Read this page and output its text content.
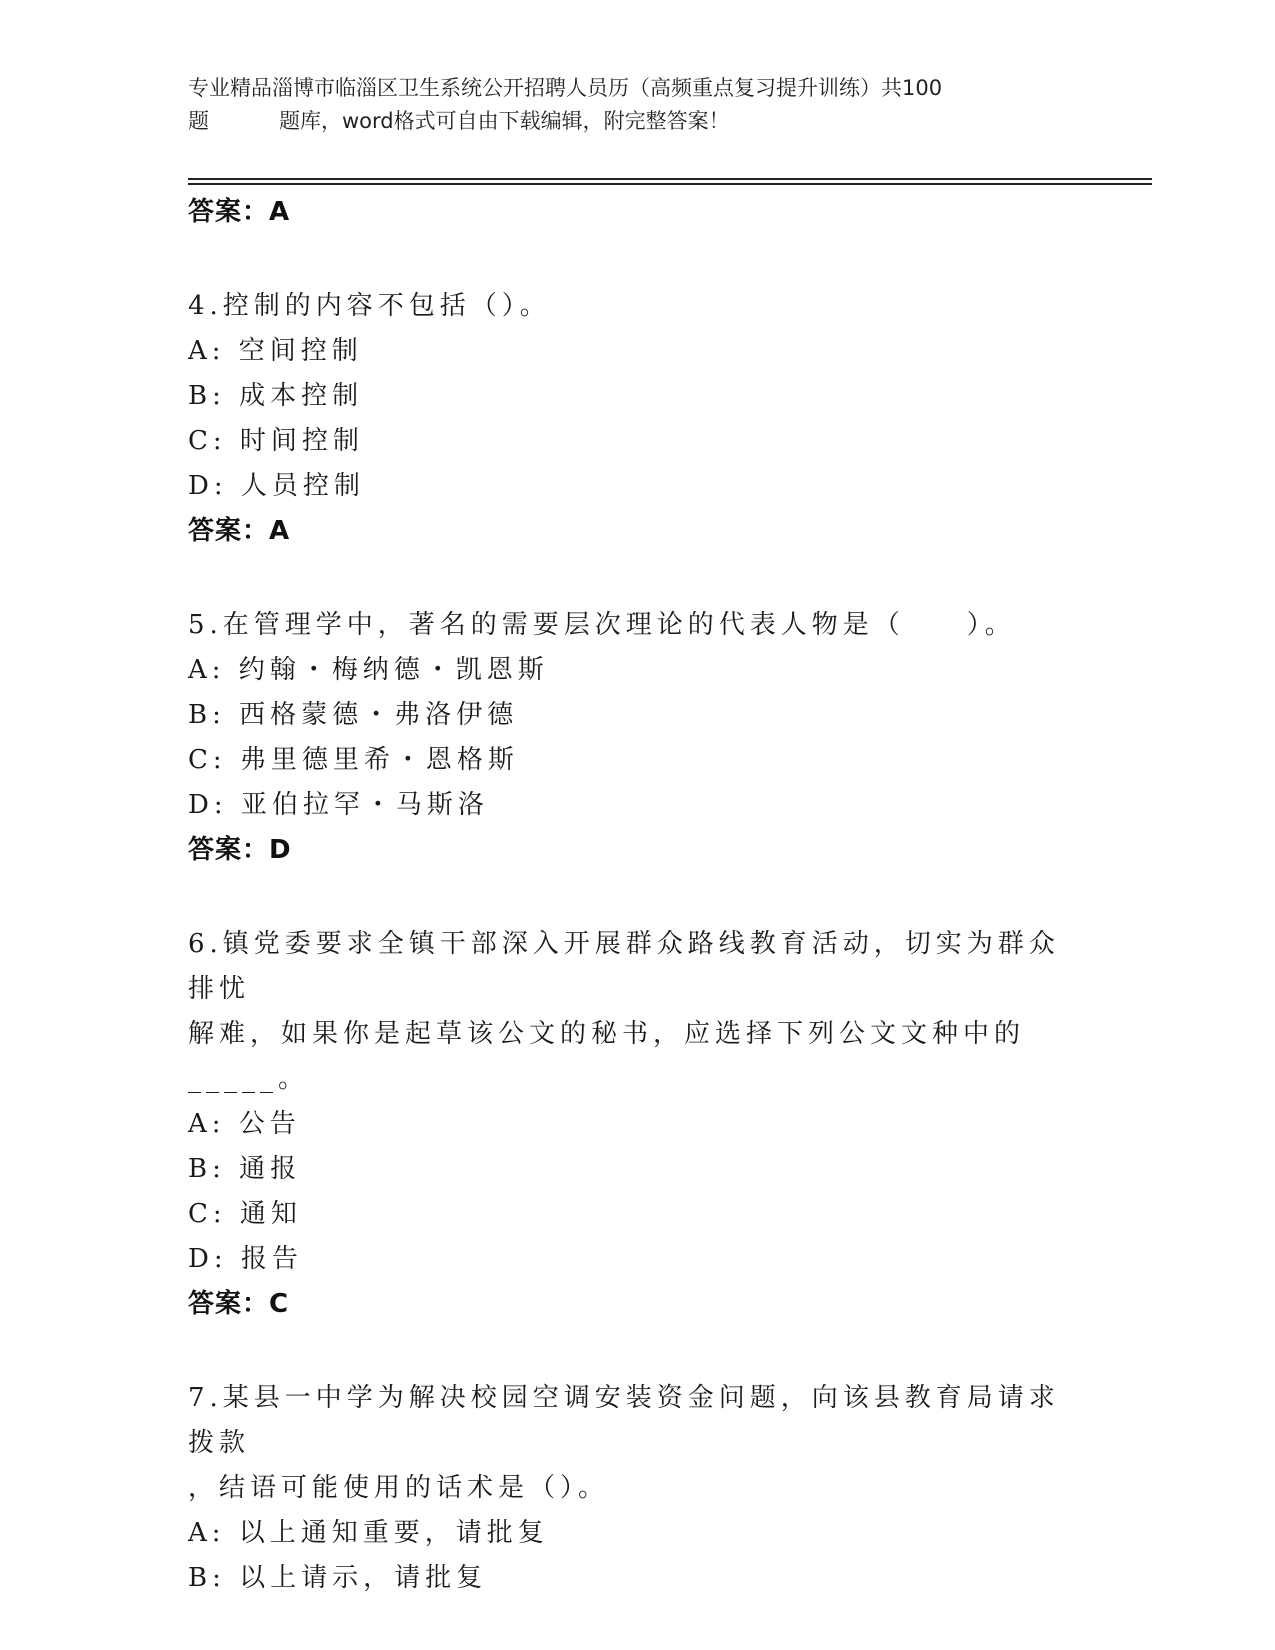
专业精品淄博市临淄区卫生系统公开招聘人员历（高频重点复习提升训练）共100
题	题库，word格式可自由下载编辑，附完整答案！
答案：A
4.控制的内容不包括（）。
A: 空间控制
B: 成本控制
C: 时间控制
D: 人员控制
答案：A
5.在管理学中，著名的需要层次理论的代表人物是（　　）。
A: 约翰・梅纳德・凯恩斯
B: 西格蒙德・弗洛伊德
C: 弗里德里希・恩格斯
D: 亚伯拉罕・马斯洛
答案：D
6.镇党委要求全镇干部深入开展群众路线教育活动，切实为群众排忧
解难，如果你是起草该公文的秘书，应选择下列公文文种中的_____。
A: 公告
B: 通报
C: 通知
D: 报告
答案：C
7.某县一中学为解决校园空调安装资金问题，向该县教育局请求拨款
，结语可能使用的话术是（）。
A: 以上通知重要，请批复
B: 以上请示，请批复
